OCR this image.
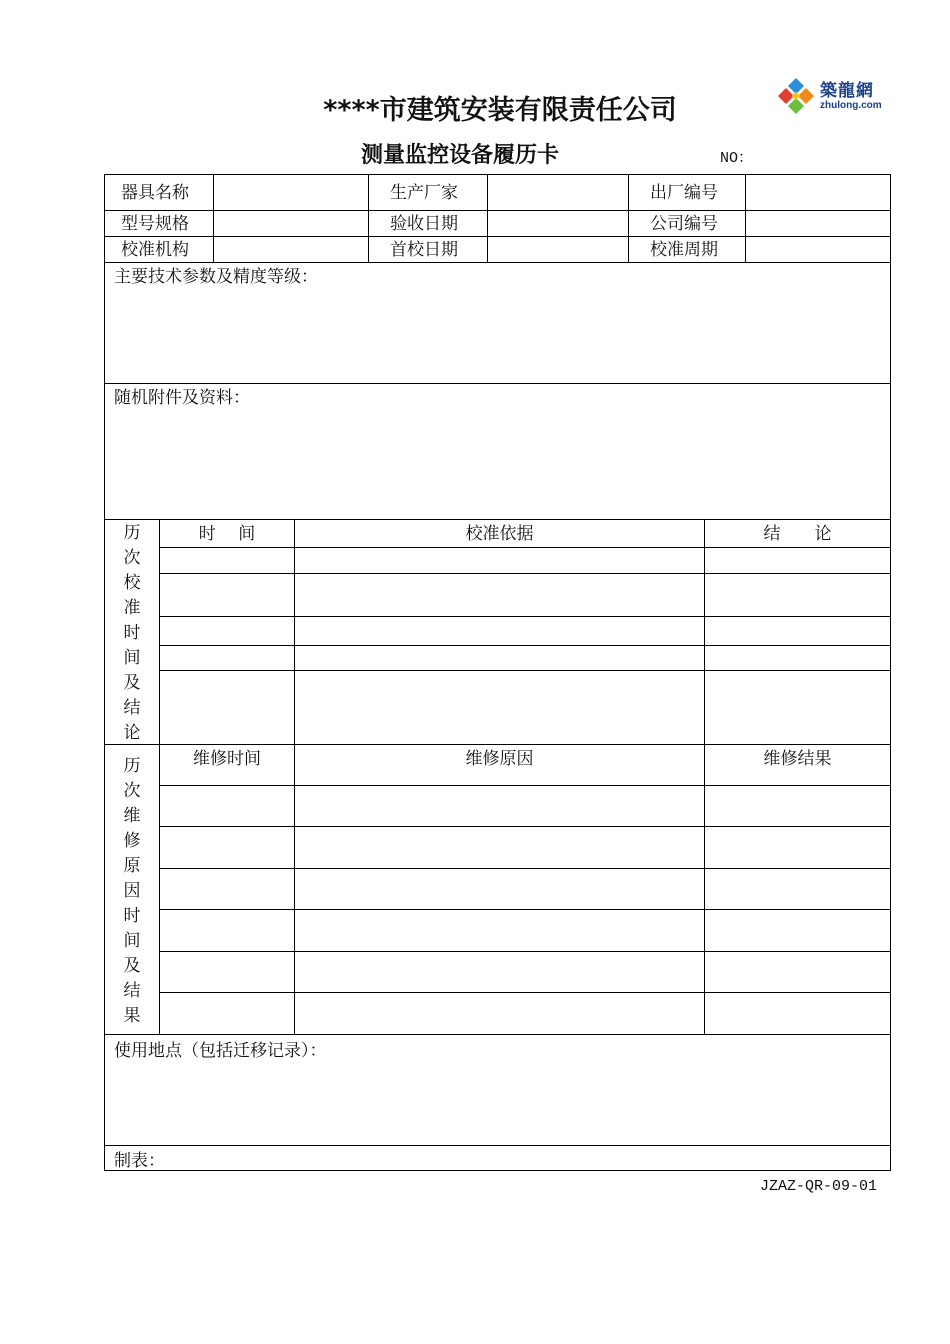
****市建筑安装有限责任公司
测量监控设备履历卡	NO：
築龍網
zhulong.com
器具名称	生产厂家	出厂编号
型号规格	验收日期	公司编号
校准机构	首校日期	校准周期
主要技术参数及精度等级：
随机附件及资料：
历
次
校
准
时
间
及
结
论
时　 间	校准依据	结　　论
历
次
维
修
原
因
时
间
及
结
果
维修时间	维修原因	维修结果
使用地点（包括迁移记录）：
制表：
JZAZ-QR-09-01
